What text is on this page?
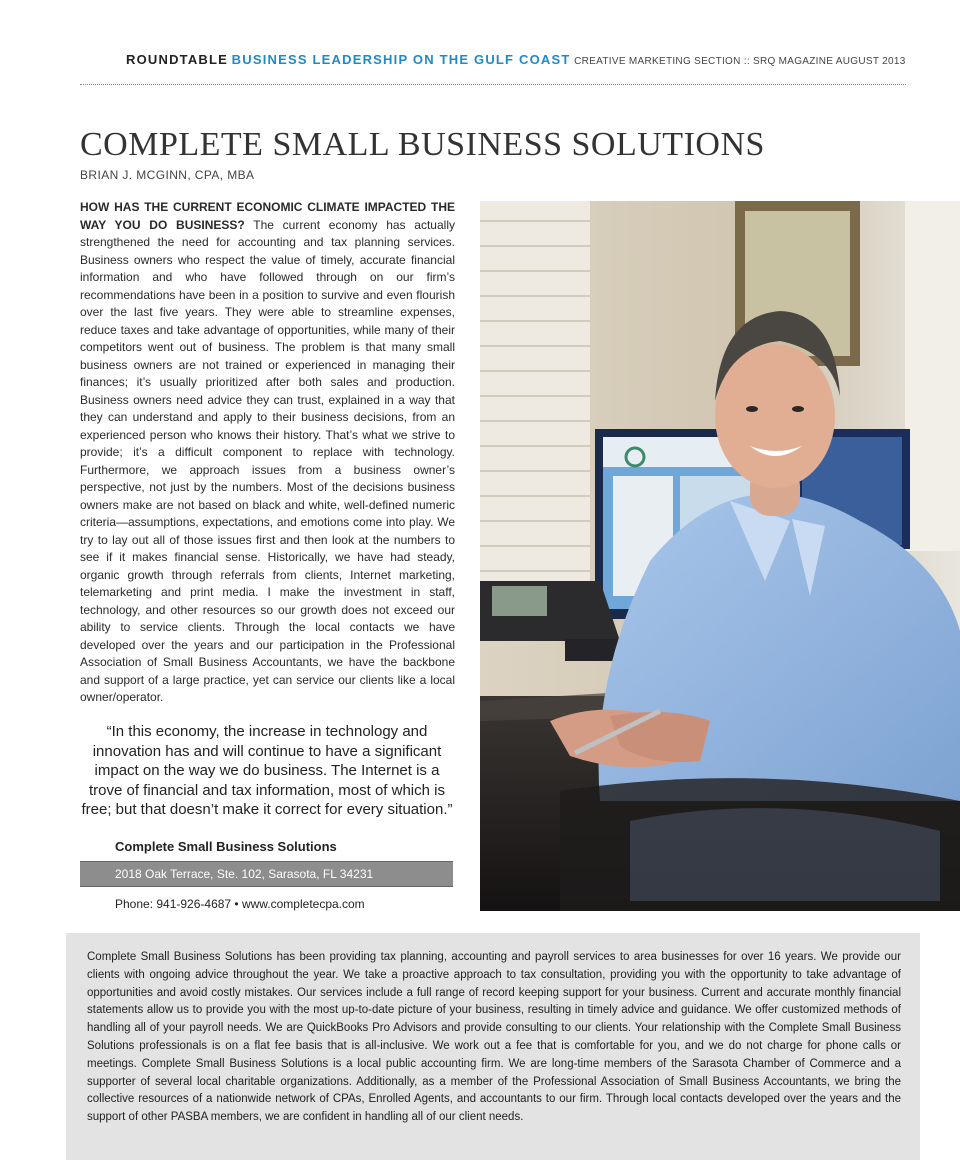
ROUNDTABLE BUSINESS LEADERSHIP ON THE GULF COAST CREATIVE MARKETING SECTION :: SRQ MAGAZINE AUGUST 2013
COMPLETE SMALL BUSINESS SOLUTIONS
BRIAN J. MCGINN, CPA, MBA

HOW HAS THE CURRENT ECONOMIC CLIMATE IMPACTED THE WAY YOU DO BUSINESS? The current economy has actually strengthened the need for accounting and tax planning services. Business owners who respect the value of timely, accurate financial information and who have followed through on our firm’s recommendations have been in a position to survive and even flourish over the last five years. They were able to streamline expenses, reduce taxes and take advantage of opportunities, while many of their competitors went out of business. The problem is that many small business owners are not trained or experienced in managing their finances; it’s usually prioritized after both sales and production. Business owners need advice they can trust, explained in a way that they can understand and apply to their business decisions, from an experienced person who knows their history. That’s what we strive to provide; it’s a difficult component to replace with technology. Furthermore, we approach issues from a business owner’s perspective, not just by the numbers. Most of the decisions business owners make are not based on black and white, well-defined numeric criteria—assumptions, expectations, and emotions come into play. We try to lay out all of those issues first and then look at the numbers to see if it makes financial sense. Historically, we have had steady, organic growth through referrals from clients, Internet marketing, telemarketing and print media. I make the investment in staff, technology, and other resources so our growth does not exceed our ability to service clients. Through the local contacts we have developed over the years and our participation in the Professional Association of Small Business Accountants, we have the backbone and support of a large practice, yet can service our clients like a local owner/operator.

“In this economy, the increase in technology and innovation has and will continue to have a significant impact on the way we do business. The Internet is a trove of financial and tax information, most of which is free; but that doesn’t make it correct for every situation.”

Complete Small Business Solutions
2018 Oak Terrace, Ste. 102, Sarasota, FL 34231
Phone: 941-926-4687 • www.completecpa.com

Complete Small Business Solutions has been providing tax planning, accounting and payroll services to area businesses for over 16 years. We provide our clients with ongoing advice throughout the year. We take a proactive approach to tax consultation, providing you with the opportunity to take advantage of opportunities and avoid costly mistakes. Our services include a full range of record keeping support for your business. Current and accurate monthly financial statements allow us to provide you with the most up-to-date picture of your business, resulting in timely advice and guidance. We offer customized methods of handling all of your payroll needs. We are QuickBooks Pro Advisors and provide consulting to our clients. Your relationship with the Complete Small Business Solutions professionals is on a flat fee basis that is all-inclusive. We work out a fee that is comfortable for you, and we do not charge for phone calls or meetings. Complete Small Business Solutions is a local public accounting firm. We are long-time members of the Sarasota Chamber of Commerce and a supporter of several local charitable organizations. Additionally, as a member of the Professional Association of Small Business Accountants, we bring the collective resources of a nationwide network of CPAs, Enrolled Agents, and accountants to our firm. Through local contacts developed over the years and the support of other PASBA members, we are confident in handling all of our client needs.
